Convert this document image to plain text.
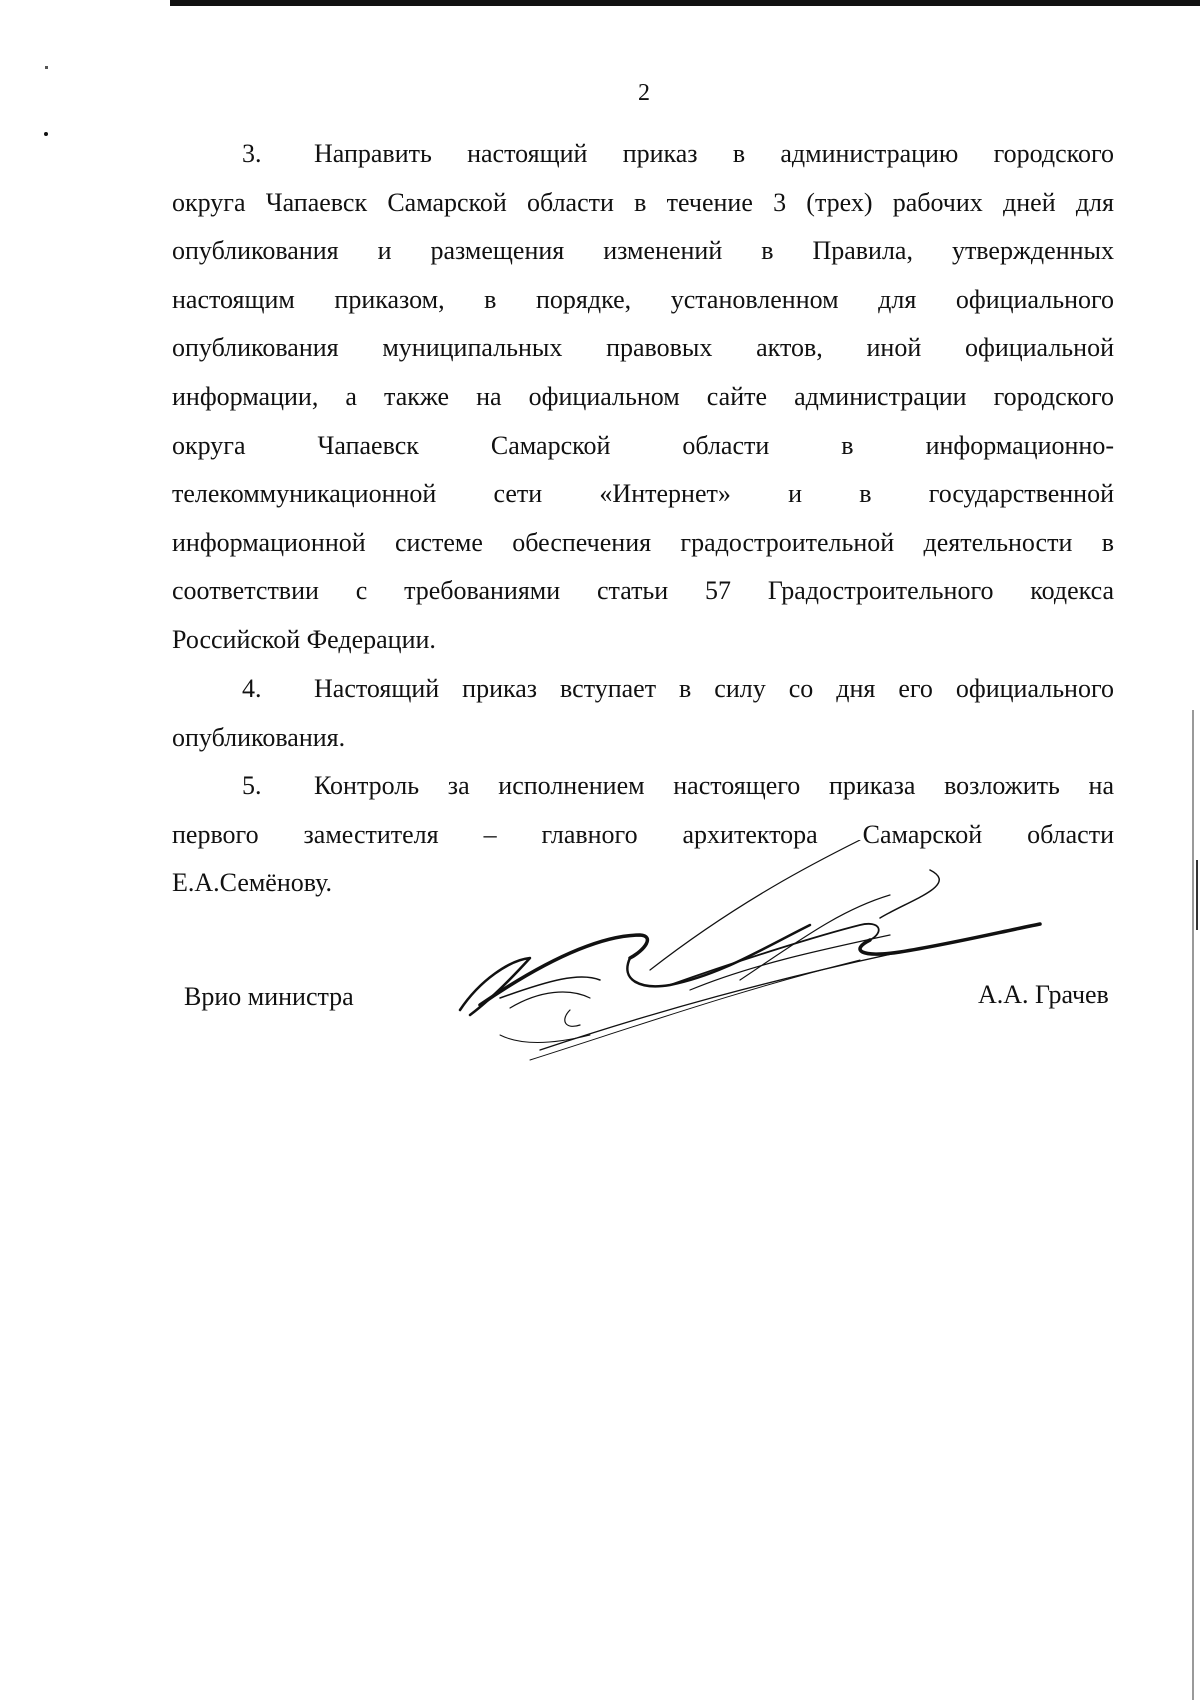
2
3.	Направить настоящий приказ в администрацию городского
округа Чапаевск Самарской области в течение 3 (трех) рабочих дней для
опубликования и размещения изменений в Правила, утвержденных
настоящим приказом, в порядке, установленном для официального
опубликования муниципальных правовых актов, иной официальной
информации, а также на официальном сайте администрации городского
округа Чапаевск Самарской области в информационно-
телекоммуникационной сети «Интернет» и в государственной
информационной системе обеспечения градостроительной деятельности в
соответствии с требованиями статьи 57 Градостроительного кодекса
Российской Федерации.
4.	Настоящий приказ вступает в силу со дня его официального
опубликования.
5.	Контроль за исполнением настоящего приказа возложить на
первого заместителя – главного архитектора Самарской области
Е.А.Семёнову.
Врио министра	А.А. Грачев
